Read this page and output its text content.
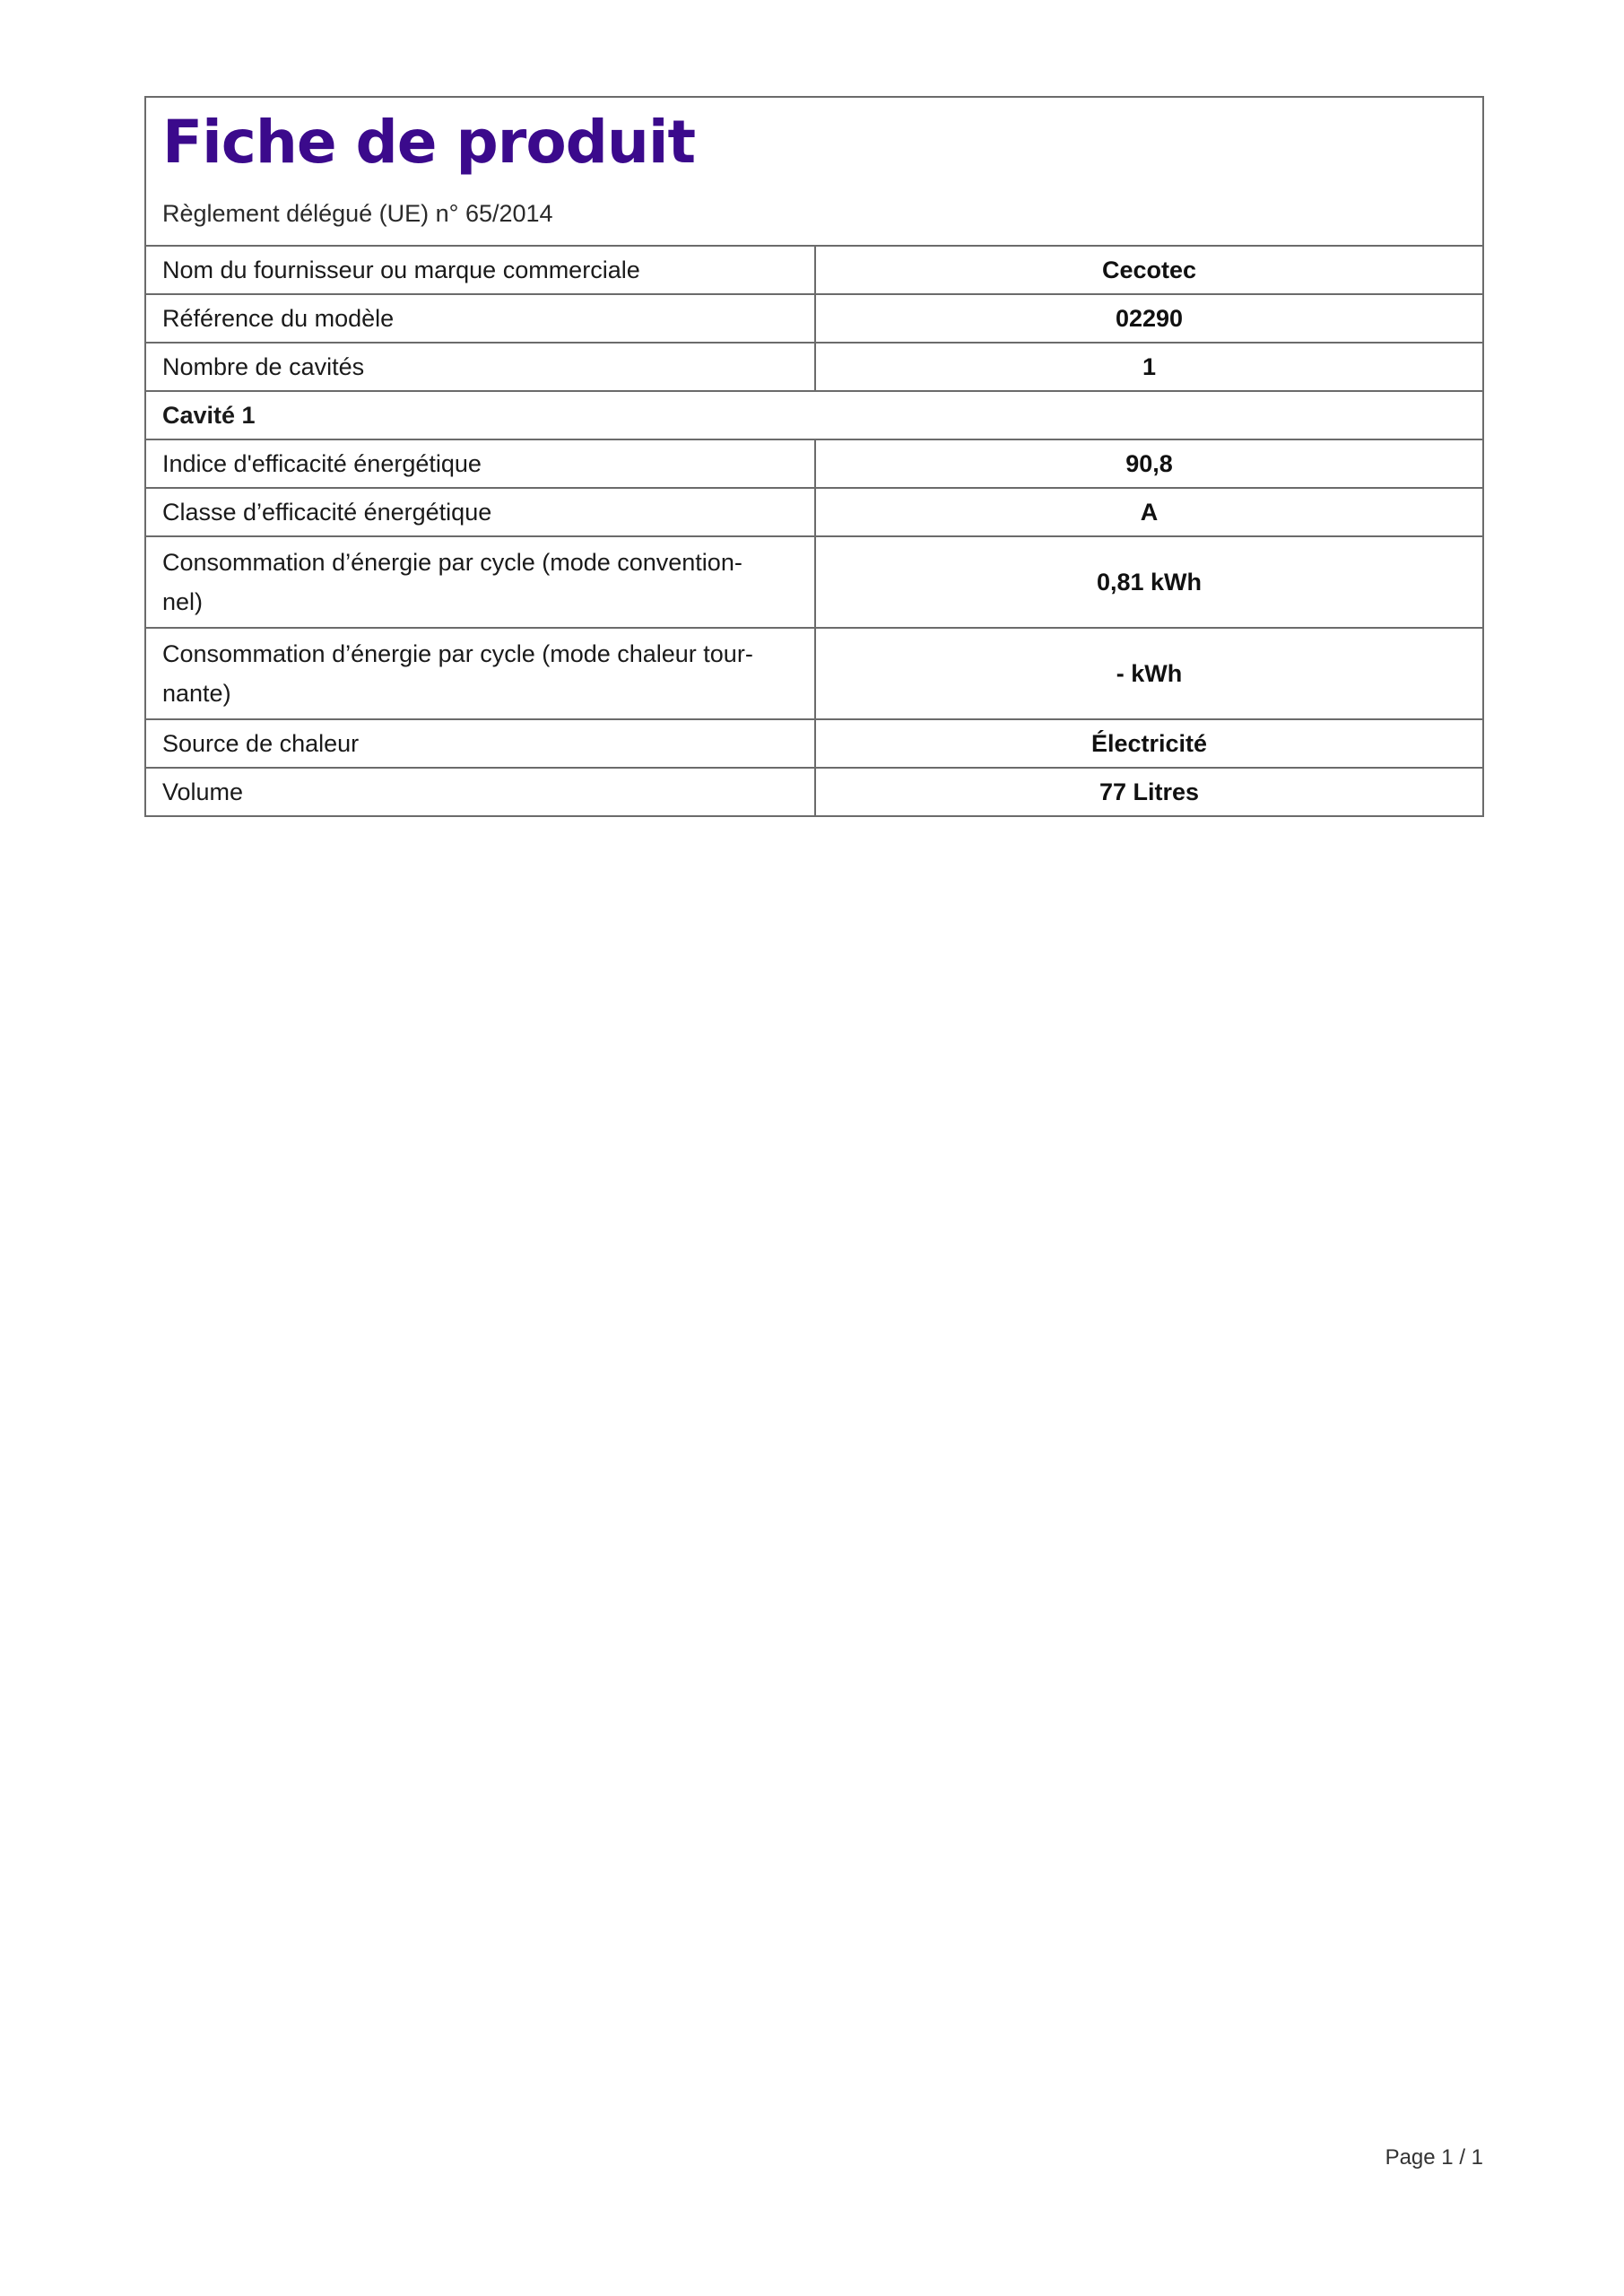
Fiche de produit

Règlement délégué (UE) n° 65/2014

Nom du fournisseur ou marque commerciale	Cecotec
Référence du modèle	02290
Nombre de cavités	1
Cavité 1	
Indice d'efficacité énergétique	90,8
Classe d’efficacité énergétique	A
Consommation d’énergie par cycle (mode convention-
nel)	0,81 kWh
Consommation d’énergie par cycle (mode chaleur tour-
nante)	- kWh
Source de chaleur	Électricité
Volume	77 Litres
Page 1 / 1
